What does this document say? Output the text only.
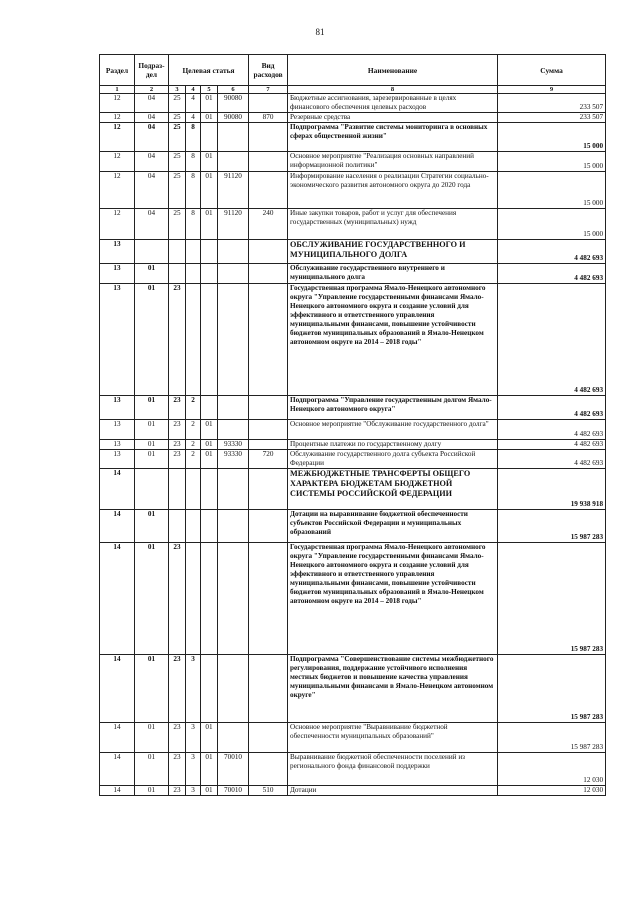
81
Раздел	Подраз-дел	Целевая статья				Вид расходов	Наименование	Сумма
1	2	3	4	5	6	7	8	9
12	04	25	4	01	90080		Бюджетные ассигнования, зарезервированные в целях финансового обеспечения целевых расходов	233 507
12	04	25	4	01	90080	870	Резервные средства	233 507
12	04	25	8				Подпрограмма "Развитие системы мониторинга в основных сферах общественной жизни"	15 000
12	04	25	8	01			Основное мероприятие "Реализация основных направлений информационной политики"	15 000
12	04	25	8	01	91120		Информирование населения о реализации Стратегии социально-экономического развития автономного округа до 2020 года	15 000
12	04	25	8	01	91120	240	Иные закупки товаров, работ и услуг для обеспечения государственных (муниципальных) нужд	15 000
13							ОБСЛУЖИВАНИЕ ГОСУДАРСТВЕННОГО И МУНИЦИПАЛЬНОГО ДОЛГА	4 482 693
13	01						Обслуживание государственного внутреннего и муниципального долга	4 482 693
13	01	23					Государственная программа Ямало-Ненецкого автономного округа "Управление государственными финансами Ямало-Ненецкого автономного округа и создание условий для эффективного и ответственного управления муниципальными финансами, повышение устойчивости бюджетов муниципальных образований в Ямало-Ненецком автономном округе на 2014 – 2018 годы"	4 482 693
13	01	23	2				Подпрограмма "Управление государственным долгом Ямало-Ненецкого автономного округа"	4 482 693
13	01	23	2	01			Основное мероприятие "Обслуживание государственного долга"	4 482 693
13	01	23	2	01	93330		Процентные платежи по государственному долгу	4 482 693
13	01	23	2	01	93330	720	Обслуживание государственного долга субъекта Российской Федерации	4 482 693
14							МЕЖБЮДЖЕТНЫЕ ТРАНСФЕРТЫ ОБЩЕГО ХАРАКТЕРА БЮДЖЕТАМ БЮДЖЕТНОЙ СИСТЕМЫ РОССИЙСКОЙ ФЕДЕРАЦИИ	19 938 918
14	01						Дотации на выравнивание бюджетной обеспеченности субъектов Российской Федерации и муниципальных образований	15 987 283
14	01	23					Государственная программа Ямало-Ненецкого автономного округа "Управление государственными финансами Ямало-Ненецкого автономного округа и создание условий для эффективного и ответственного управления муниципальными финансами, повышение устойчивости бюджетов муниципальных образований в Ямало-Ненецком автономном округе на 2014 – 2018 годы"	15 987 283
14	01	23	3				Подпрограмма "Совершенствование системы межбюджетного регулирования, поддержание устойчивого исполнения местных бюджетов и повышение качества управления муниципальными финансами в Ямало-Ненецком автономном округе"	15 987 283
14	01	23	3	01			Основное мероприятие "Выравнивание бюджетной обеспеченности муниципальных образований"	15 987 283
14	01	23	3	01	70010		Выравнивание бюджетной обеспеченности поселений из регионального фонда финансовой поддержки	12 030
14	01	23	3	01	70010	510	Дотации	12 030
